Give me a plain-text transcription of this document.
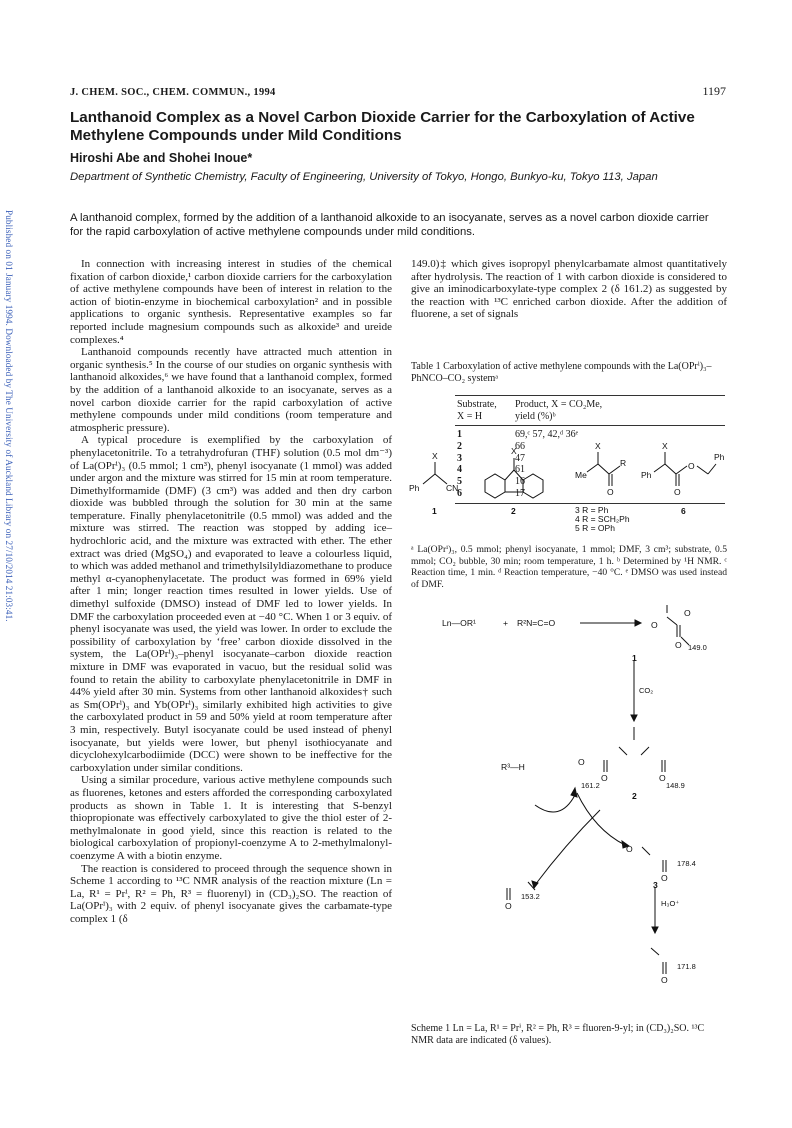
Published on 01 January 1994. Downloaded by The University of Auckland Library on 27/10/2014 21:03:41.
J. CHEM. SOC., CHEM. COMMUN., 1994	1197
Lanthanoid Complex as a Novel Carbon Dioxide Carrier for the Carboxylation of Active Methylene Compounds under Mild Conditions
Hiroshi Abe and Shohei Inoue*
Department of Synthetic Chemistry, Faculty of Engineering, University of Tokyo, Hongo, Bunkyo-ku, Tokyo 113, Japan
A lanthanoid complex, formed by the addition of a lanthanoid alkoxide to an isocyanate, serves as a novel carbon dioxide carrier for the rapid carboxylation of active methylene compounds under mild conditions.

In connection with increasing interest in studies of the chemical fixation of carbon dioxide,¹ carbon dioxide carriers for the carboxylation of active methylene compounds have been of interest in relation to the action of biotin-enzyme in biochemical carboxylation² and in possible applications to organic synthesis. Representative examples so far reported include magnesium compounds such as alkoxide³ and ureide complexes.⁴

Lanthanoid compounds recently have attracted much attention in organic synthesis.⁵ In the course of our studies on organic synthesis with lanthanoid alkoxides,⁶ we have found that a lanthanoid complex, formed by the addition of a lanthanoid alkoxide to an isocyanate, serves as a novel carbon dioxide carrier for the rapid carboxylation of active methylene compounds under mild conditions (room temperature and atmospheric pressure).

A typical procedure is exemplified by the carboxylation of phenylacetonitrile. To a tetrahydrofuran (THF) solution (0.5 mol dm⁻³) of La(OPrⁱ)₃ (0.5 mmol; 1 cm³), phenyl isocyanate (1 mmol) was added under argon and the mixture was stirred for 15 min at room temperature. Dimethylformamide (DMF) (3 cm³) was added and then dry carbon dioxide was bubbled through the solution for 30 min at the same temperature. Finally phenylacetonitrile (0.5 mmol) was added and the mixture was stirred. The reaction was stopped by adding ice–hydrochloric acid, and the mixture was extracted with ether. The ether extract was dried (MgSO₄) and evaporated to leave a colourless liquid, to which was added methanol and trimethylsilyldiazomethane to produce methyl α-cyanophenylacetate. The product was formed in 69% yield after 1 min; longer reaction times resulted in lower yields. Use of dimethyl sulfoxide (DMSO) instead of DMF led to lower yields. In DMF the carboxylation proceeded even at −40 °C. When 1 or 3 equiv. of phenyl isocyanate was used, the yield was lower. In order to exclude the possibility of carboxylation by ‘free’ carbon dioxide dissolved in the system, the La(OPrⁱ)₃–phenyl isocyanate–carbon dioxide reaction mixture in DMF was evaporated in vacuo, but the residual solid was found to retain the ability to carboxylate phenylacetonitrile in DMF in 44% yield after 30 min. Systems from other lanthanoid alkoxides† such as Sm(OPrⁱ)₃ and Yb(OPrⁱ)₃ similarly exhibited high activities to give the carboxylated product in 59 and 50% yield at room temperature after 3 min, respectively. Butyl isocyanate could be used instead of phenyl isocyanate, but yields were lower, but phenyl isothiocyanate and dicyclohexylcarbodiimide (DCC) were shown to be ineffective for the carboxylation under similar conditions.

Using a similar procedure, various active methylene compounds such as fluorenes, ketones and esters afforded the corresponding carboxylated products as shown in Table 1. It is interesting that S-benzyl thiopropionate was effectively carboxylated to give the thiol ester of 2-methylmalonate in good yield, since this reaction is related to the biological carboxylation of propionyl-coenzyme A to 2-methylmalonyl-coenzyme A with a biotin enzyme.

The reaction is considered to proceed through the sequence shown in Scheme 1 according to ¹³C NMR analysis of the reaction mixture (Ln = La, R¹ = Prⁱ, R² = Ph, R³ = fluorenyl) in (CD₃)₂SO. The reaction of La(OPrⁱ)₃ with 2 equiv. of phenyl isocyanate gives the carbamate-type complex 1 (δ

149.0)‡ which gives isopropyl phenylcarbamate almost quantitatively after hydrolysis. The reaction of 1 with carbon dioxide is considered to give an iminodicarboxylate-type complex 2 (δ 161.2) as suggested by the reaction with ¹³C enriched carbon dioxide. After the addition of fluorene, a set of signals

Table 1 Carboxylation of active methylene compounds with the La(OPrⁱ)₃–PhNCO–CO₂ systemᵃ
Substrate,
X = H
Product, X = CO₂Me,
yield (%)ᵇ
1	69,ᶜ 57, 42,ᵈ 36ᵉ
2	66
3	47
4	61
5	16
6	17
ᵃ La(OPrⁱ)₃, 0.5 mmol; phenyl isocyanate, 1 mmol; DMF, 3 cm³; substrate, 0.5 mmol; CO₂ bubble, 30 min; room temperature, 1 h. ᵇ Determined by ¹H NMR. ᶜ Reaction time, 1 min. ᵈ Reaction temperature, −40 °C. ᵉ DMSO was used instead of DMF.
X
Ph	CN
1
X
2
X
Me
R
O
X
Ph
O
O
Ph
6
3 R = Ph
4 R = SCH₂Ph
5 R = OPh
Ln—OR¹	+ R²N=C=O	O
O
O 149.0
1
CO₂
R³—H	O
O	O
161.2	148.9
2
O
153.2
O
O
178.4
3
H₃O⁺
O
171.8
Scheme 1 Ln = La, R¹ = Prⁱ, R² = Ph, R³ = fluoren-9-yl; in (CD₃)₂SO. ¹³C NMR data are indicated (δ values).
